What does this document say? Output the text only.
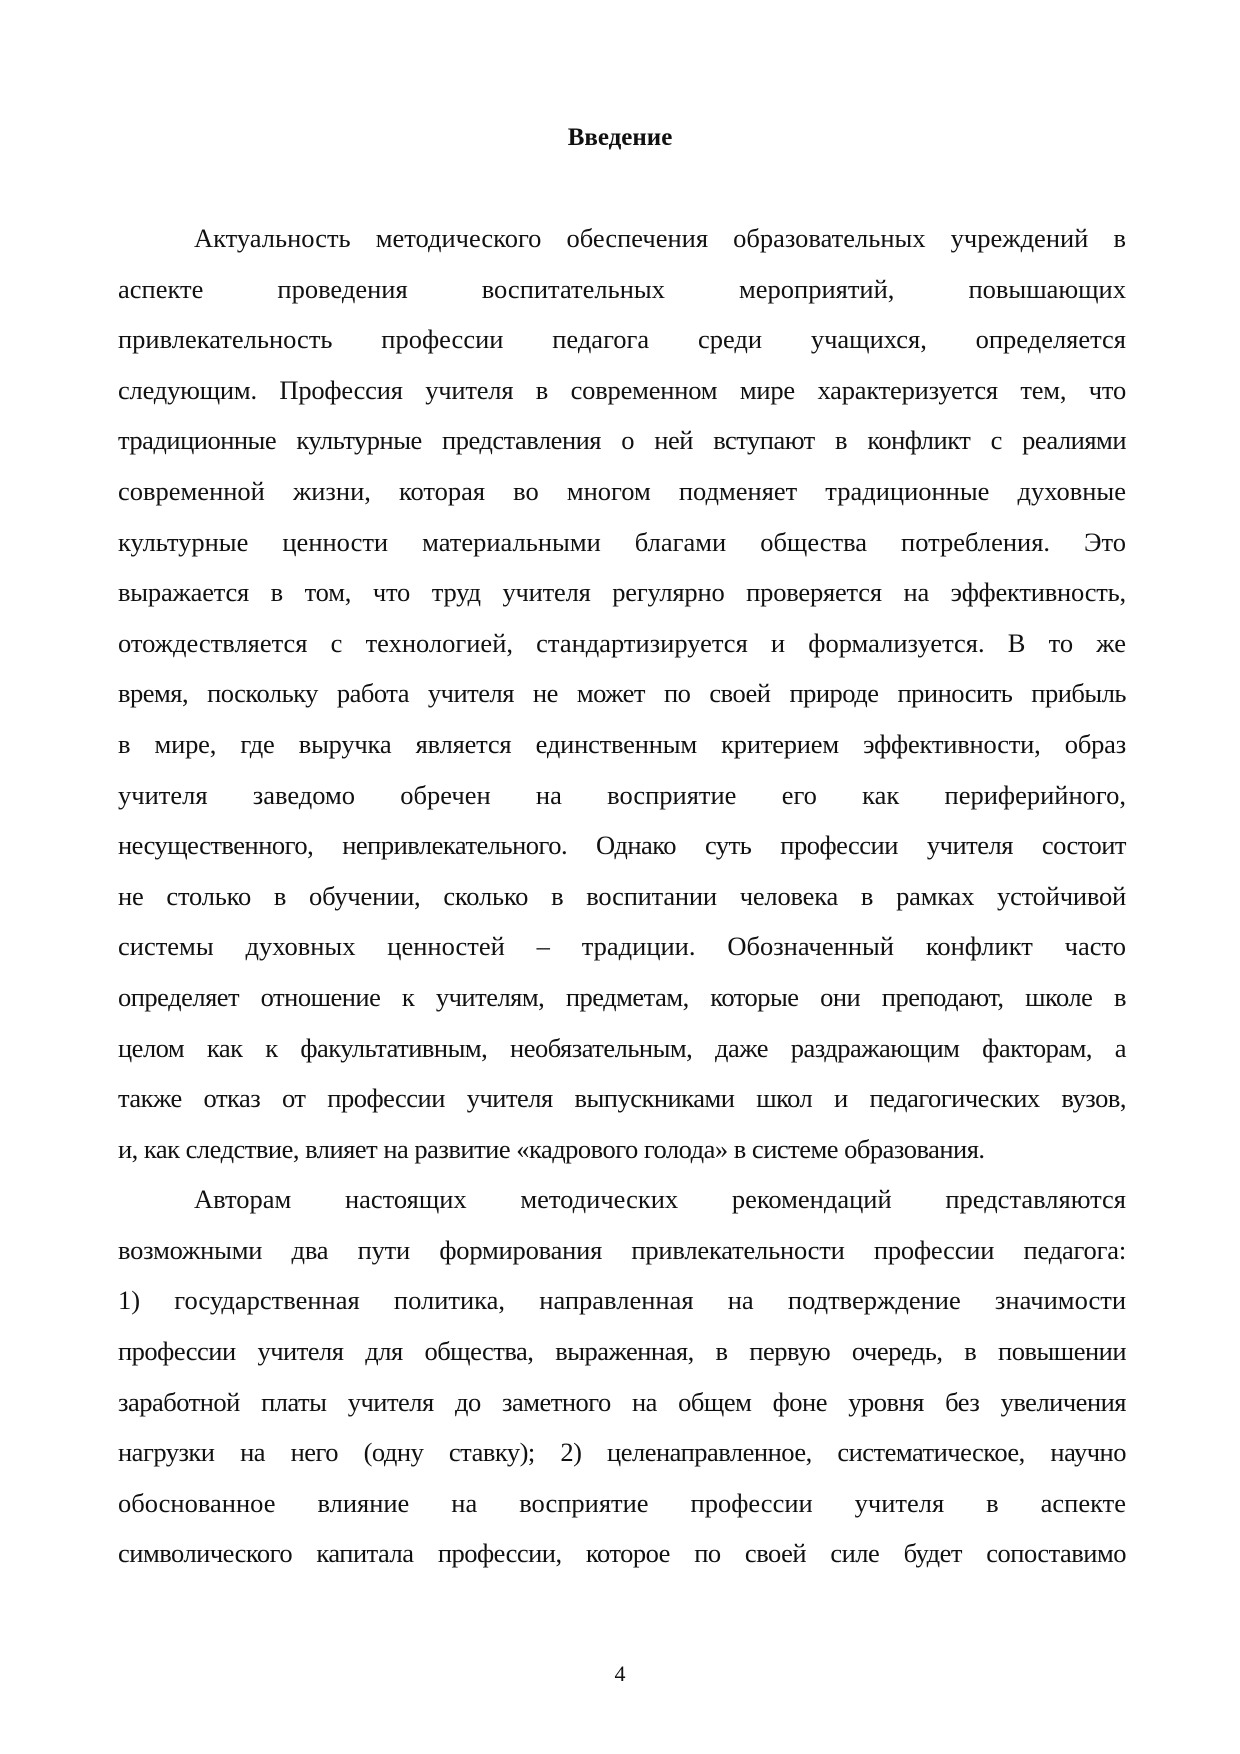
Введение
Актуальность методического обеспечения образовательных учреждений в
аспекте проведения воспитательных мероприятий, повышающих
привлекательность профессии педагога среди учащихся, определяется
следующим. Профессия учителя в современном мире характеризуется тем, что
традиционные культурные представления о ней вступают в конфликт с реалиями
современной жизни, которая во многом подменяет традиционные духовные
культурные ценности материальными благами общества потребления. Это
выражается в том, что труд учителя регулярно проверяется на эффективность,
отождествляется с технологией, стандартизируется и формализуется. В то же
время, поскольку работа учителя не может по своей природе приносить прибыль
в мире, где выручка является единственным критерием эффективности, образ
учителя заведомо обречен на восприятие его как периферийного,
несущественного, непривлекательного. Однако суть профессии учителя состоит
не столько в обучении, сколько в воспитании человека в рамках устойчивой
системы духовных ценностей – традиции. Обозначенный конфликт часто
определяет отношение к учителям, предметам, которые они преподают, школе в
целом как к факультативным, необязательным, даже раздражающим факторам, а
также отказ от профессии учителя выпускниками школ и педагогических вузов,
и, как следствие, влияет на развитие «кадрового голода» в системе образования.
Авторам настоящих методических рекомендаций представляются
возможными два пути формирования привлекательности профессии педагога:
1) государственная политика, направленная на подтверждение значимости
профессии учителя для общества, выраженная, в первую очередь, в повышении
заработной платы учителя до заметного на общем фоне уровня без увеличения
нагрузки на него (одну ставку); 2) целенаправленное, систематическое, научно
обоснованное влияние на восприятие профессии учителя в аспекте
символического капитала профессии, которое по своей силе будет сопоставимо
4
